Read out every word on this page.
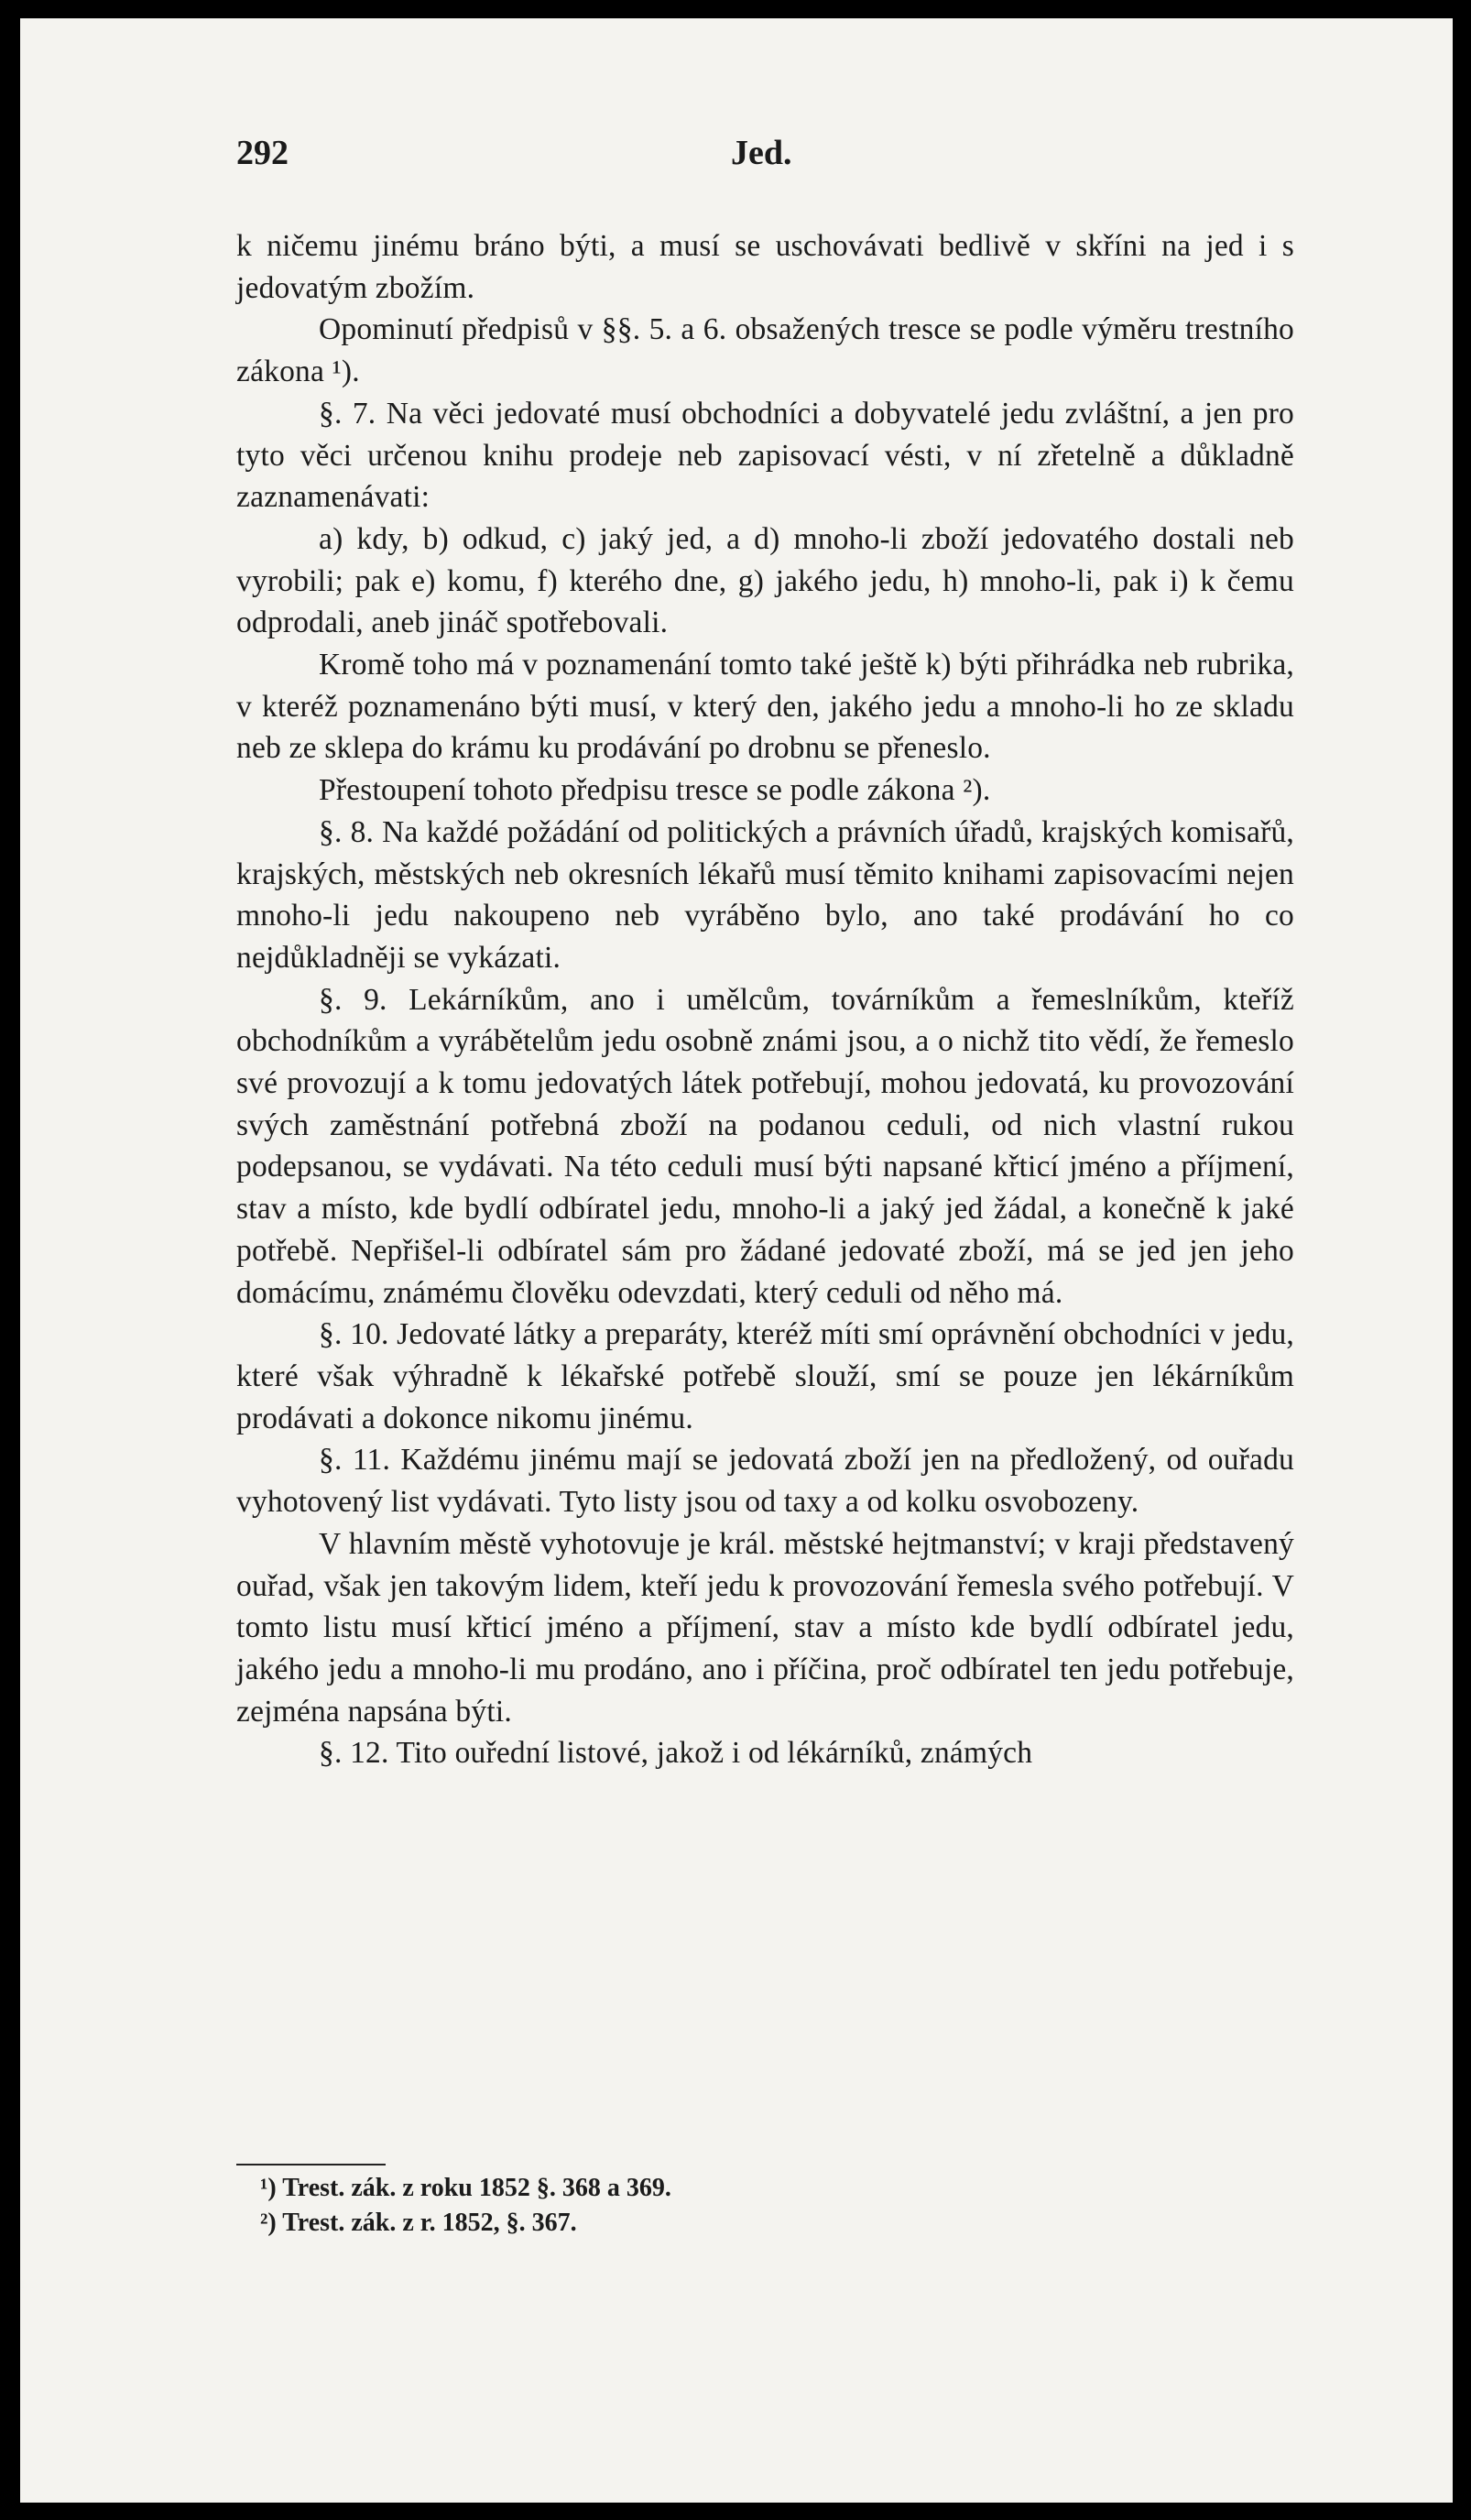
292	Jed.

k ničemu jinému bráno býti, a musí se uschovávati bedlivě v skříni na jed i s jedovatým zbožím.

Opominutí předpisů v §§. 5. a 6. obsažených tresce se podle výměru trestního zákona ¹).

§. 7. Na věci jedovaté musí obchodníci a dobyvatelé jedu zvláštní, a jen pro tyto věci určenou knihu prodeje neb zapisovací vésti, v ní zřetelně a důkladně zaznamenávati:

a) kdy, b) odkud, c) jaký jed, a d) mnoho-li zboží jedovatého dostali neb vyrobili; pak e) komu, f) kterého dne, g) jakého jedu, h) mnoho-li, pak i) k čemu odprodali, aneb jináč spotřebovali.

Kromě toho má v poznamenání tomto také ještě k) býti přihrádka neb rubrika, v kteréž poznamenáno býti musí, v který den, jakého jedu a mnoho-li ho ze skladu neb ze sklepa do krámu ku prodávání po drobnu se přeneslo.

Přestoupení tohoto předpisu tresce se podle zákona ²).

§. 8. Na každé požádání od politických a právních úřadů, krajských komisařů, krajských, městských neb okresních lékařů musí těmito knihami zapisovacími nejen mnoho-li jedu nakoupeno neb vyráběno bylo, ano také prodávání ho co nejdůkladněji se vykázati.

§. 9. Lekárníkům, ano i umělcům, továrníkům a řemeslníkům, kteříž obchodníkům a vyrábětelům jedu osobně známi jsou, a o nichž tito vědí, že řemeslo své provozují a k tomu jedovatých látek potřebují, mohou jedovatá, ku provozování svých zaměstnání potřebná zboží na podanou ceduli, od nich vlastní rukou podepsanou, se vydávati. Na této ceduli musí býti napsané křticí jméno a příjmení, stav a místo, kde bydlí odbíratel jedu, mnoho-li a jaký jed žádal, a konečně k jaké potřebě. Nepřišel-li odbíratel sám pro žádané jedovaté zboží, má se jed jen jeho domácímu, známému člověku odevzdati, který ceduli od něho má.

§. 10. Jedovaté látky a preparáty, kteréž míti smí oprávnění obchodníci v jedu, které však výhradně k lékařské potřebě slouží, smí se pouze jen lékárníkům prodávati a dokonce nikomu jinému.

§. 11. Každému jinému mají se jedovatá zboží jen na předložený, od ouřadu vyhotovený list vydávati. Tyto listy jsou od taxy a od kolku osvobozeny.

V hlavním městě vyhotovuje je král. městské hejtmanství; v kraji představený ouřad, však jen takovým lidem, kteří jedu k provozování řemesla svého potřebují. V tomto listu musí křticí jméno a příjmení, stav a místo kde bydlí odbíratel jedu, jakého jedu a mnoho-li mu prodáno, ano i příčina, proč odbíratel ten jedu potřebuje, zejména napsána býti.

§. 12. Tito ouřední listové, jakož i od lékárníků, známých

¹) Trest. zák. z roku 1852 §. 368 a 369.
²) Trest. zák. z r. 1852, §. 367.
